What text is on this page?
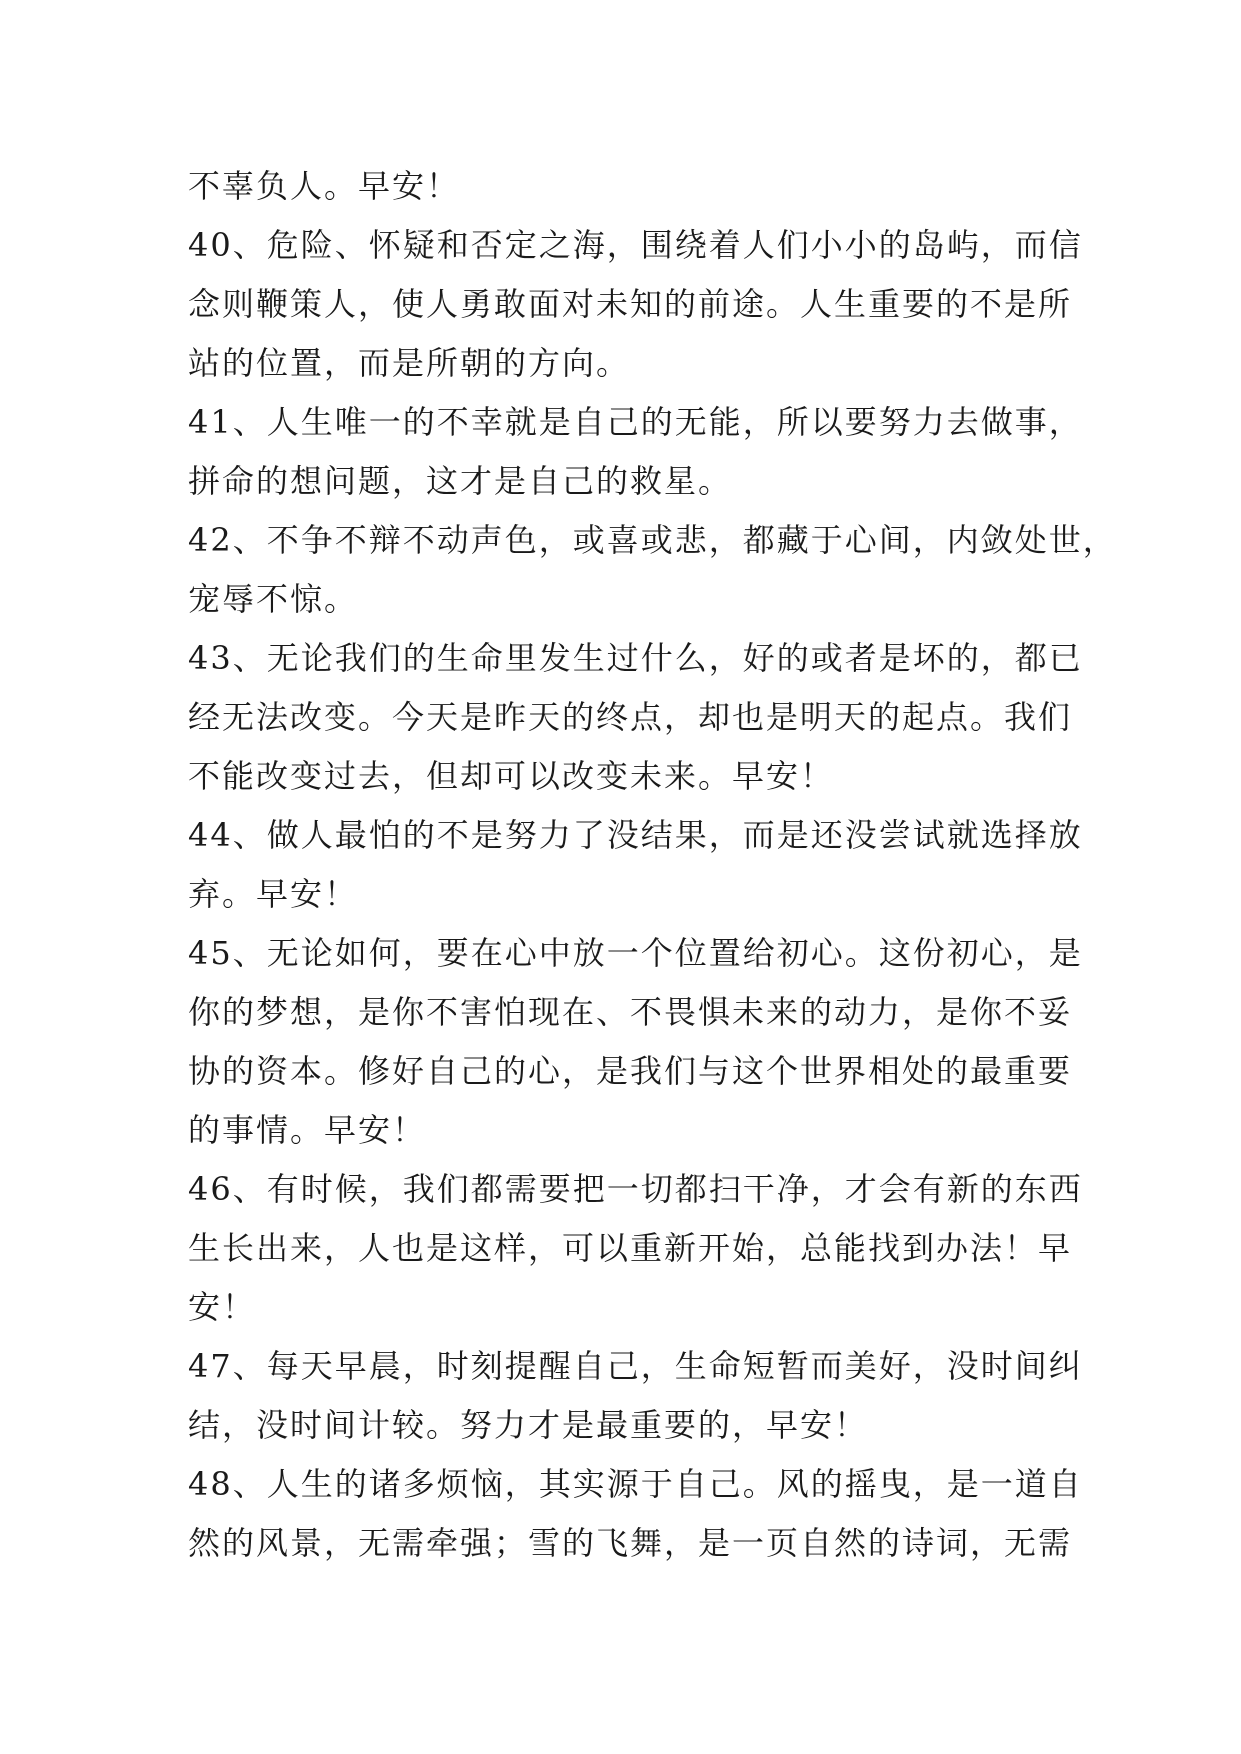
不辜负人。早安！
40、危险、怀疑和否定之海，围绕着人们小小的岛屿，而信
念则鞭策人，使人勇敢面对未知的前途。人生重要的不是所
站的位置，而是所朝的方向。
41、人生唯一的不幸就是自己的无能，所以要努力去做事，
拼命的想问题，这才是自己的救星。
42、不争不辩不动声色，或喜或悲，都藏于心间，内敛处世，
宠辱不惊。
43、无论我们的生命里发生过什么，好的或者是坏的，都已
经无法改变。今天是昨天的终点，却也是明天的起点。我们
不能改变过去，但却可以改变未来。早安！
44、做人最怕的不是努力了没结果，而是还没尝试就选择放
弃。早安！
45、无论如何，要在心中放一个位置给初心。这份初心，是
你的梦想，是你不害怕现在、不畏惧未来的动力，是你不妥
协的资本。修好自己的心，是我们与这个世界相处的最重要
的事情。早安！
46、有时候，我们都需要把一切都扫干净，才会有新的东西
生长出来，人也是这样，可以重新开始，总能找到办法！早
安！
47、每天早晨，时刻提醒自己，生命短暂而美好，没时间纠
结，没时间计较。努力才是最重要的，早安！
48、人生的诸多烦恼，其实源于自己。风的摇曳，是一道自
然的风景，无需牵强；雪的飞舞，是一页自然的诗词，无需
